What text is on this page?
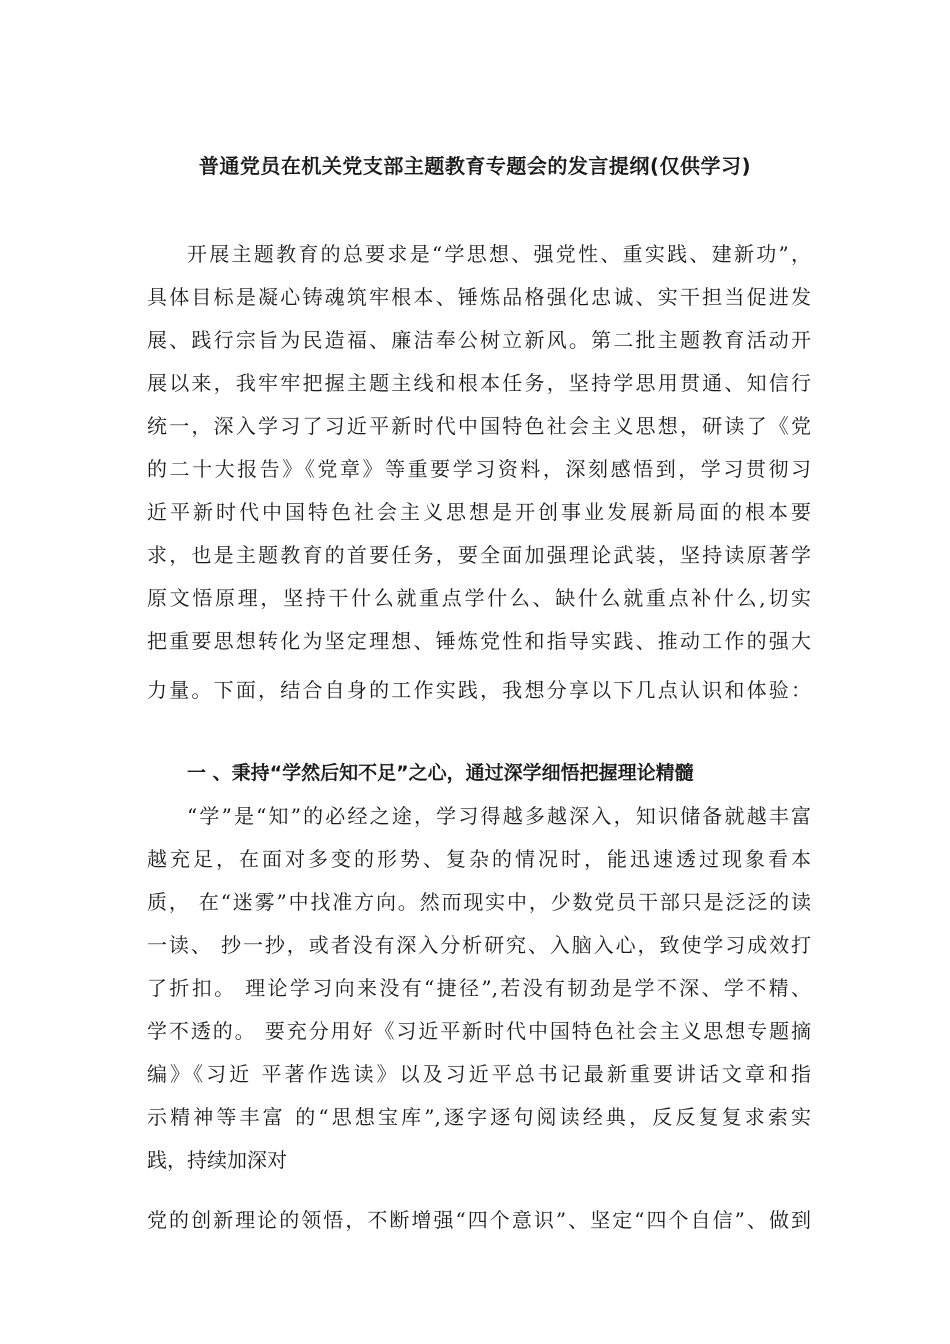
普通党员在机关党支部主题教育专题会的发言提纲(仅供学习)
开展主题教育的总要求是“学思想、强党性、重实践、建新功”，
具体目标是凝心铸魂筑牢根本、锤炼品格强化忠诚、实干担当促进发
展、践行宗旨为民造福、廉洁奉公树立新风。第二批主题教育活动开
展以来，我牢牢把握主题主线和根本任务，坚持学思用贯通、知信行
统一，深入学习了习近平新时代中国特色社会主义思想，研读了《党
的二十大报告》《党章》等重要学习资料，深刻感悟到，学习贯彻习
近平新时代中国特色社会主义思想是开创事业发展新局面的根本要
求，也是主题教育的首要任务，要全面加强理论武装，坚持读原著学
原文悟原理，坚持干什么就重点学什么、缺什么就重点补什么,切实
把重要思想转化为坚定理想、锤炼党性和指导实践、推动工作的强大
力量。下面，结合自身的工作实践，我想分享以下几点认识和体验：
一 、秉持“学然后知不足”之心，通过深学细悟把握理论精髓
“学”是“知”的必经之途，学习得越多越深入，知识储备就越丰富
越充足，在面对多变的形势、复杂的情况时，能迅速透过现象看本
质， 在“迷雾”中找准方向。然而现实中，少数党员干部只是泛泛的读
一读、 抄一抄，或者没有深入分析研究、入脑入心，致使学习成效打
了折扣。 理论学习向来没有“捷径”,若没有韧劲是学不深、学不精、
学不透的。 要充分用好《习近平新时代中国特色社会主义思想专题摘
编》《习近 平著作选读》以及习近平总书记最新重要讲话文章和指
示精神等丰富 的“思想宝库”,逐字逐句阅读经典，反反复复求索实
践，持续加深对
党的创新理论的领悟，不断增强“四个意识”、坚定“四个自信”、做到
